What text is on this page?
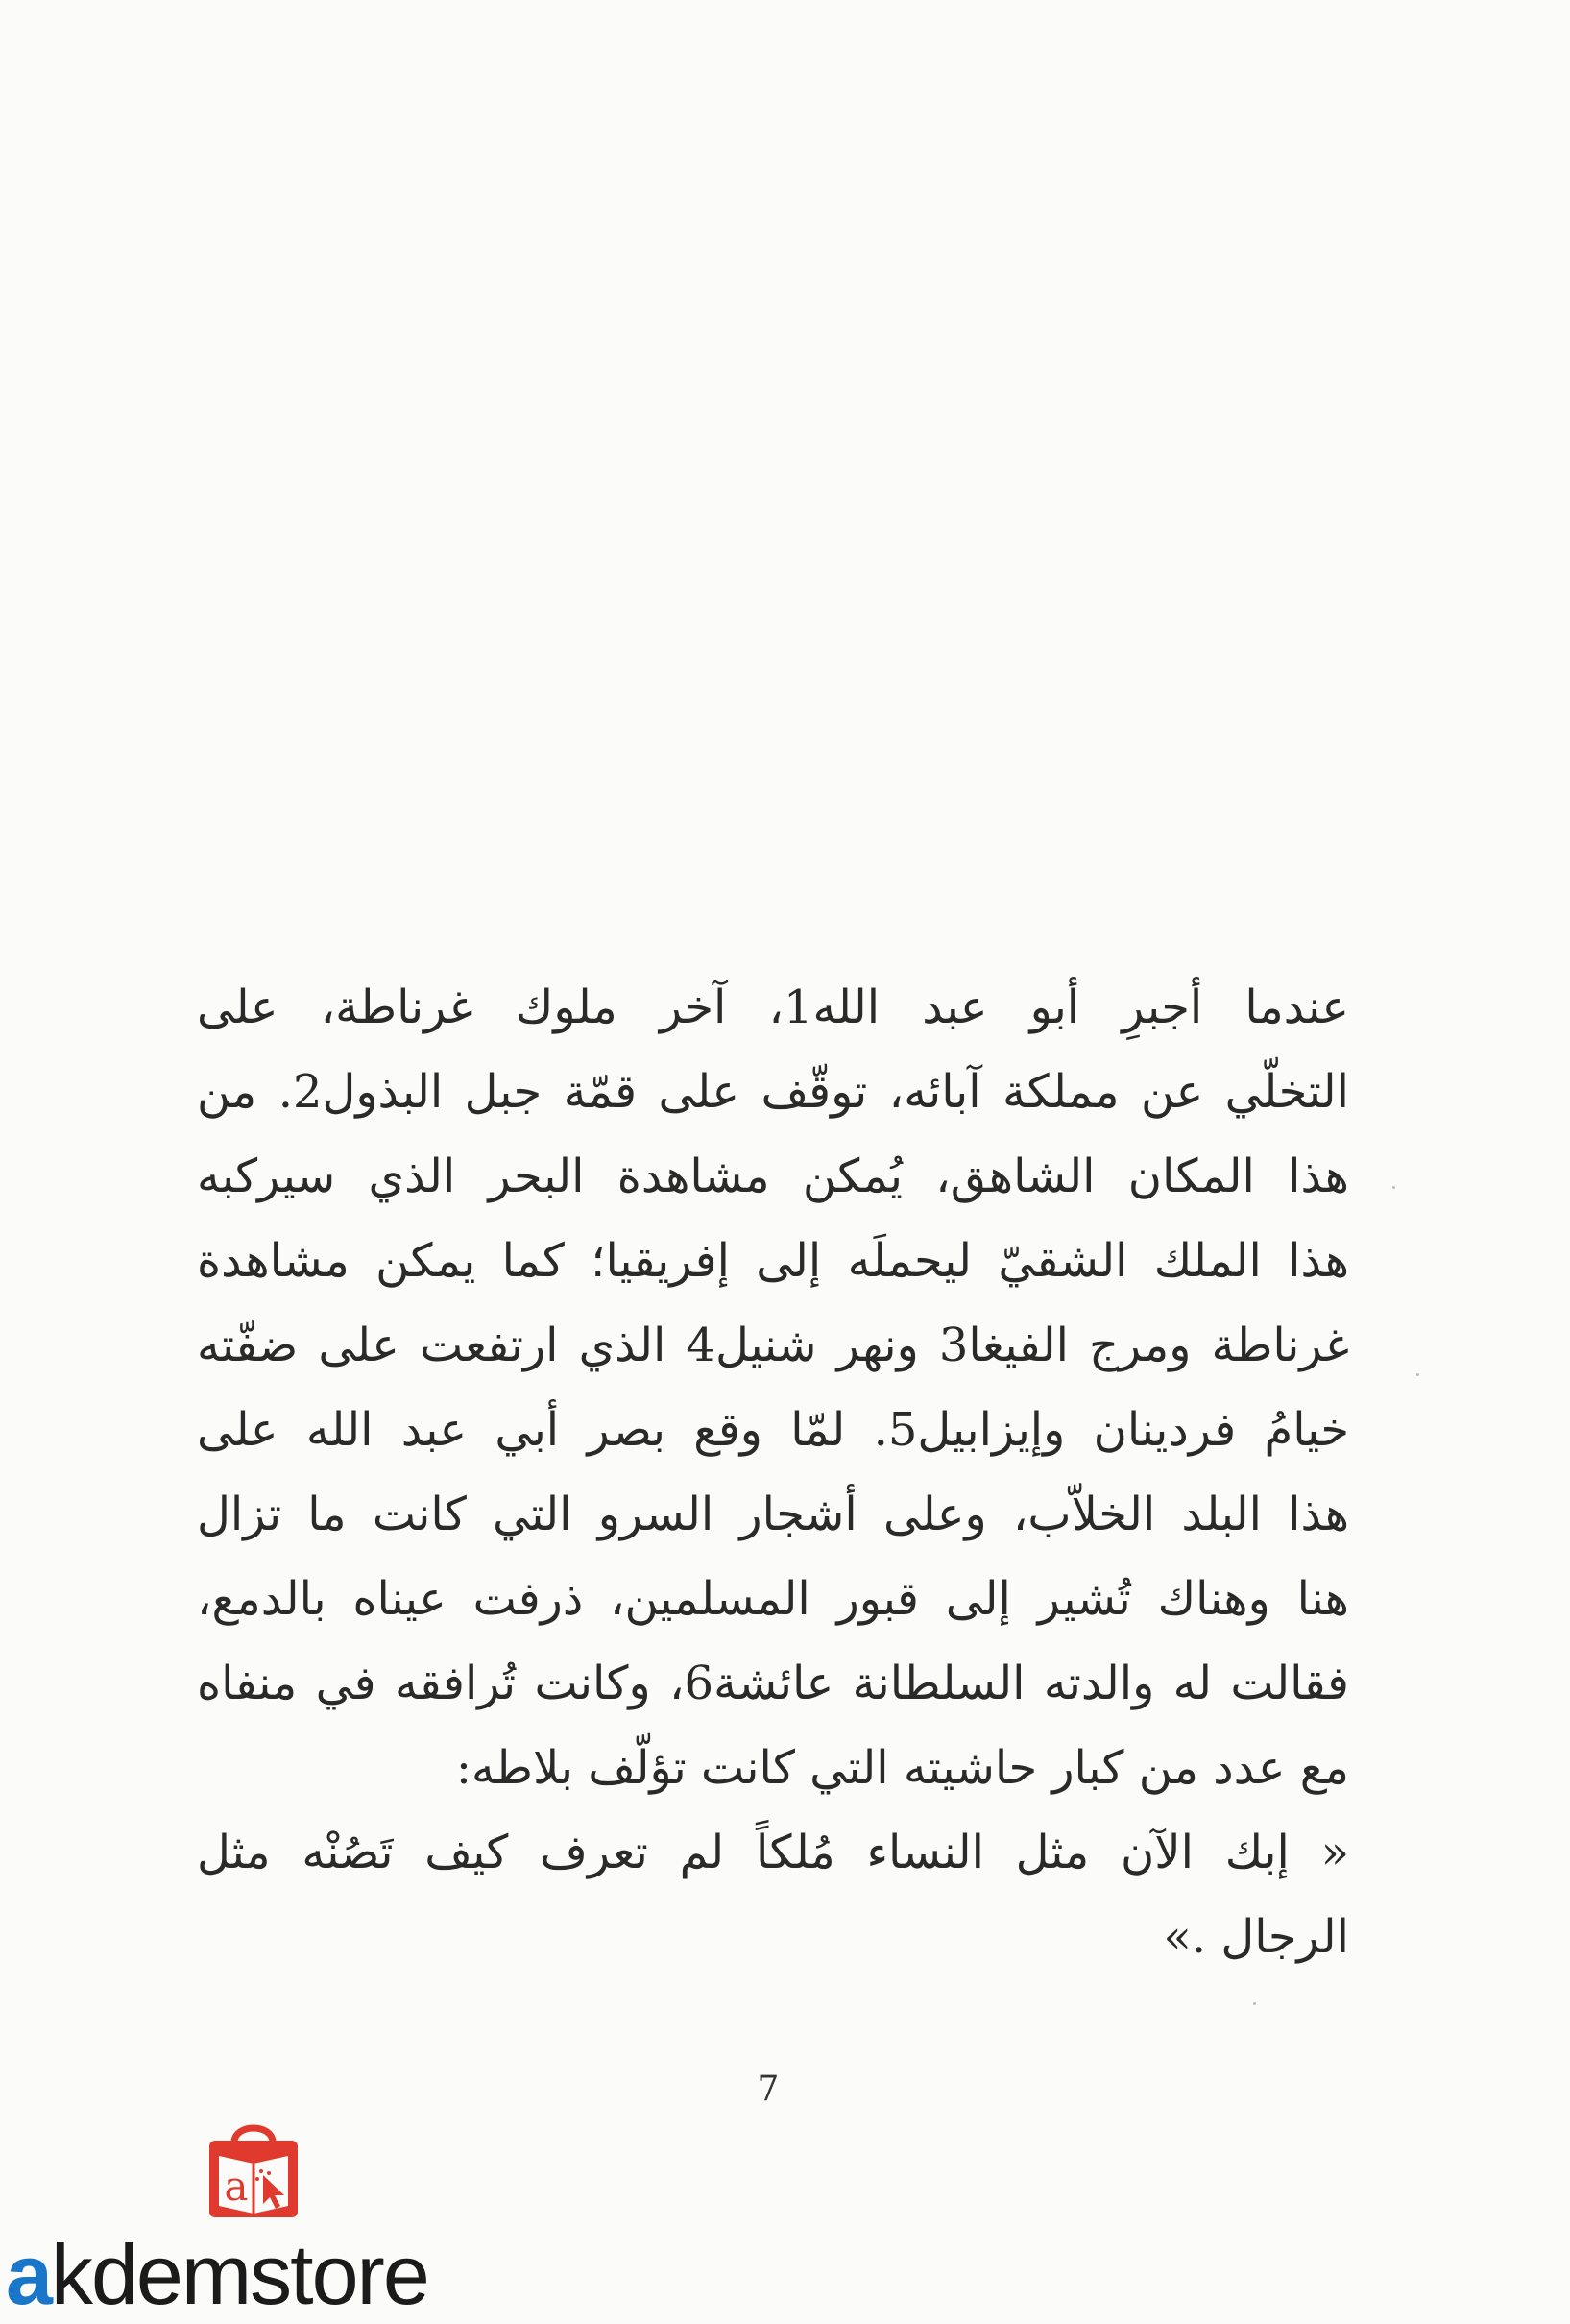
عندما أجبرِ أبو عبد الله1، آخر ملوك غرناطة، على
التخلّي عن مملكة آبائه، توقّف على قمّة جبل البذول2. من
هذا المكان الشاهق، يُمكن مشاهدة البحر الذي سيركبه
هذا الملك الشقيّ ليحملَه إلى إفريقيا؛ كما يمكن مشاهدة
غرناطة ومرج الفيغا3 ونهر شنيل4 الذي ارتفعت على ضفّته
خيامُ فردينان وإيزابيل5. لمّا وقع بصر أبي عبد الله على
هذا البلد الخلاّب، وعلى أشجار السرو التي كانت ما تزال
هنا وهناك تُشير إلى قبور المسلمين، ذرفت عيناه بالدمع،
فقالت له والدته السلطانة عائشة6، وكانت تُرافقه في منفاه
مع عدد من كبار حاشيته التي كانت تؤلّف بلاطه:
« إبك الآن مثل النساء مُلكاً لم تعرف كيف تَصُنْه مثل
الرجال .»
7
a
akdemstore
